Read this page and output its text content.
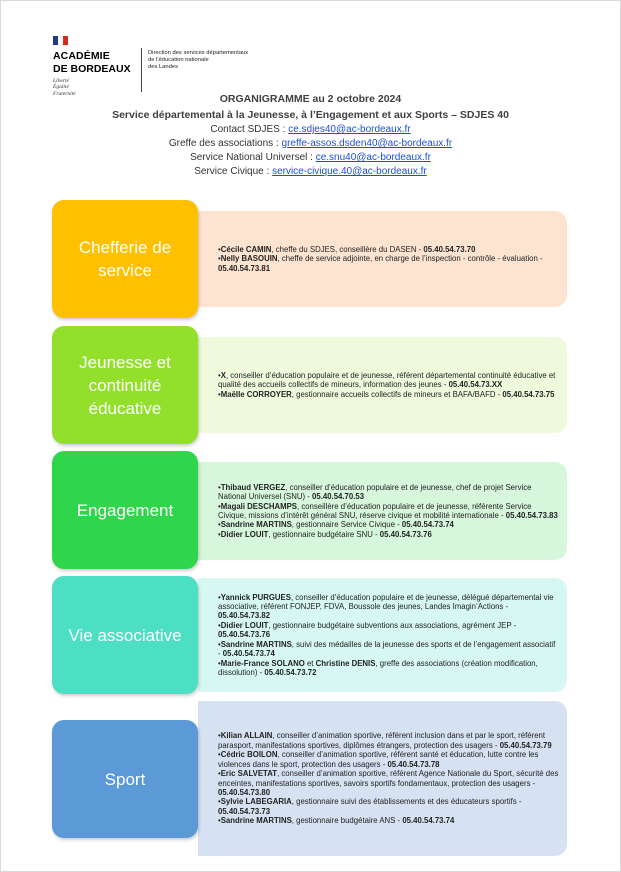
ACADÉMIE
DE BORDEAUX
Liberté
Égalité
Fraternité
Direction des services départementaux
de l'éducation nationale
des Landes
ORGANIGRAMME au 2 octobre 2024
Service départemental à la Jeunesse, à l’Engagement et aux Sports – SDJES 40
Contact SDJES : ce.sdjes40@ac-bordeaux.fr
Greffe des associations : greffe-assos.dsden40@ac-bordeaux.fr
Service National Universel : ce.snu40@ac-bordeaux.fr
Service Civique : service-civique.40@ac-bordeaux.fr
Chefferie de service
•Cécile CAMIN, cheffe du SDJES, conseillère du DASEN - 05.40.54.73.70
•Nelly BASOUIN, cheffe de service adjointe, en charge de l’inspection - contrôle - évaluation - 05.40.54.73.81
Jeunesse et continuité éducative
•X, conseiller d’éducation populaire et de jeunesse, référent départemental continuité éducative et qualité des accueils collectifs de mineurs, information des jeunes - 05.40.54.73.XX
•Maëlle CORROYER, gestionnaire accueils collectifs de mineurs et BAFA/BAFD - 05.40.54.73.75
Engagement
•Thibaud VERGEZ, conseiller d’éducation populaire et de jeunesse, chef de projet Service National Universel (SNU) - 05.40.54.70.53
•Magali DESCHAMPS, conseillère d’éducation populaire et de jeunesse, référente Service Civique, missions d’intérêt général SNU, réserve civique et mobilité internationale - 05.40.54.73.83
•Sandrine MARTINS, gestionnaire Service Civique - 05.40.54.73.74
•Didier LOUIT, gestionnaire budgétaire SNU - 05.40.54.73.76
Vie associative
•Yannick PURGUES, conseiller d’éducation populaire et de jeunesse, délégué départemental vie associative, référent FONJEP, FDVA, Boussole des jeunes, Landes Imagin’Actions - 05.40.54.73.82
•Didier LOUIT, gestionnaire budgétaire subventions aux associations, agrément JEP - 05.40.54.73.76
•Sandrine MARTINS, suivi des médailles de la jeunesse des sports et de l’engagement associatif - 05.40.54.73.74
•Marie-France SOLANO et Christine DENIS, greffe des associations (création modification, dissolution) - 05.40.54.73.72
Sport
•Kilian ALLAIN, conseiller d’animation sportive, référent inclusion dans et par le sport, référent parasport, manifestations sportives, diplômes étrangers, protection des usagers - 05.40.54.73.79
•Cédric BOILON, conseiller d’animation sportive, référent santé et éducation, lutte contre les violences dans le sport, protection des usagers - 05.40.54.73.78
•Eric SALVETAT, conseiller d’animation sportive, référent Agence Nationale du Sport, sécurité des enceintes, manifestations sportives, savoirs sportifs fondamentaux, protection des usagers - 05.40.54.73.80
•Sylvie LABEGARIA, gestionnaire suivi des établissements et des éducateurs sportifs - 05.40.54.73.73
•Sandrine MARTINS, gestionnaire budgétaire ANS - 05.40.54.73.74
